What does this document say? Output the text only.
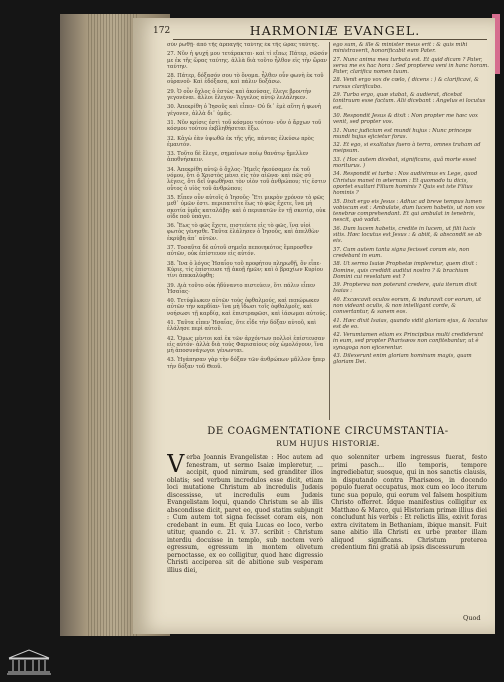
172	HARMONIÆ EVANGEL.

σὺν ῥωϑῇ· ἀπὸ τῆς ἁρπαγῆς ταύτης ἐκ τῆς ὥρας ταύτης.

27. Νῦν ἡ ψυχή μου τετάρακται· καὶ τί εἴπω; Πάτερ, σῶσόν με ἐκ τῆς ὥρας ταύτης. ἀλλὰ διὰ τοῦτο ἦλθον εἰς τὴν ὥραν ταύτην.

28. Πάτερ, δόξασόν σου τὸ ὄνομα. ἦλθεν οὖν φωνὴ ἐκ τοῦ οὐρανοῦ· Καὶ ἐδόξασα, καὶ πάλιν δοξάσω.

29. Ὁ οὖν ὄχλος ὁ ἑστὼς καὶ ἀκούσας, ἔλεγε βροντὴν γεγονέναι. ἄλλοι ἔλεγον· Ἄγγελος αὐτῷ λελάληκεν.

30. Ἀπεκρίθη ὁ Ἰησοῦς καὶ εἶπεν· Οὐ δι᾽ ἐμὲ αὕτη ἡ φωνὴ γέγονεν, ἀλλὰ δι᾽ ὑμᾶς.

31. Νῦν κρίσις ἐστὶ τοῦ κόσμου τούτου· νῦν ὁ ἄρχων τοῦ κόσμου τούτου ἐκβληθήσεται ἔξω.

32. Κἀγὼ ἐὰν ὑψωθῶ ἐκ τῆς γῆς, πάντας ἑλκύσω πρὸς ἐμαυτόν.

33. Τοῦτο δὲ ἔλεγε, σημαίνων ποίῳ θανάτῳ ἤμελλεν ἀποθνήσκειν.

34. Ἀπεκρίθη αὐτῷ ὁ ὄχλος· Ἡμεῖς ἠκούσαμεν ἐκ τοῦ νόμου, ὅτι ὁ Χριστὸς μένει εἰς τὸν αἰῶνα· καὶ πῶς σὺ λέγεις, ὅτι δεῖ ὑψωθῆναι τὸν υἱὸν τοῦ ἀνθρώπου; τίς ἐστιν οὗτος ὁ υἱὸς τοῦ ἀνθρώπου;

35. Εἶπεν οὖν αὐτοῖς ὁ Ἰησοῦς· Ἔτι μικρὸν χρόνον τὸ φῶς μεθ᾽ ὑμῶν ἐστι. περιπατεῖτε ἕως τὸ φῶς ἔχετε, ἵνα μὴ σκοτία ὑμᾶς καταλάβῃ· καὶ ὁ περιπατῶν ἐν τῇ σκοτίᾳ, οὐκ οἶδε ποῦ ὑπάγει.

36. Ἕως τὸ φῶς ἔχετε, πιστεύετε εἰς τὸ φῶς, ἵνα υἱοὶ φωτὸς γένησθε. Ταῦτα ἐλάλησεν ὁ Ἰησοῦς, καὶ ἀπελθὼν ἐκρύβη ἀπ᾽ αὐτῶν.

37. Τοσαῦτα δὲ αὐτοῦ σημεῖα πεποιηκότος ἔμπροσθεν αὐτῶν, οὐκ ἐπίστευον εἰς αὐτόν.

38. Ἵνα ὁ λόγος Ἡσαΐου τοῦ προφήτου πληρωθῇ, ὃν εἶπε· Κύριε, τίς ἐπίστευσε τῇ ἀκοῇ ἡμῶν; καὶ ὁ βραχίων Κυρίου τίνι ἀπεκαλύφθη;

39. Διὰ τοῦτο οὐκ ἠδύναντο πιστεύειν, ὅτι πάλιν εἶπεν Ἡσαΐας·

40. Τετύφλωκεν αὐτῶν τοὺς ὀφθαλμούς, καὶ πεπώρωκεν αὐτῶν τὴν καρδίαν· ἵνα μὴ ἴδωσι τοῖς ὀφθαλμοῖς, καὶ νοήσωσι τῇ καρδίᾳ, καὶ ἐπιστραφῶσι, καὶ ἰάσωμαι αὐτούς.

41. Ταῦτα εἶπεν Ἡσαΐας, ὅτε εἶδε τὴν δόξαν αὐτοῦ, καὶ ἐλάλησε περὶ αὐτοῦ.

42. Ὅμως μέντοι καὶ ἐκ τῶν ἀρχόντων πολλοὶ ἐπίστευσαν εἰς αὐτόν· ἀλλὰ διὰ τοὺς Φαρισαίους οὐχ ὡμολόγουν, ἵνα μὴ ἀποσυνάγωγοι γένωνται.

43. Ἠγάπησαν γὰρ τὴν δόξαν τῶν ἀνθρώπων μᾶλλον ἤπερ τὴν δόξαν τοῦ Θεοῦ.

ego sum, & ille & minister meus erit : & quis mihi ministraverit, honorificabit eum Pater.

27. Nunc anima mea turbata est. Et quid dicam ? Pater, serva me ex hac hora : Sed propterea veni in hanc horam. Pater, clarifica nomen tuum.

28. Venit ergo vox de cœlo, ( dicens : ) & clarificavi, & rursus clarificabo.

29. Turba ergo, quæ stabat, & audierat, dicebat tonitruum esse factum. Alii dicebant : Angelus ei locutus est.

30. Respondit Jesus & dixit : Non propter me hæc vox venit, sed propter vos.

31. Nunc judicium est mundi hujus : Nunc princeps mundi hujus ejicietur foras.

32. Et ego, si exaltatus fuero à terra, omnes traham ad meipsum.

33. ( Hoc autem dicebat, significans, quâ morte esset moriturus. )

34. Respondit ei turba : Nos audivimus ex Lege, quod Christus manet in æternum : Et quomodo tu dicis, oportet exaltari Filium hominis ? Quis est iste Filius hominis ?

35. Dixit ergo eis Jesus : Adhuc ad breve tempus lumen vobiscum est : Ambulate, dum lucem habetis, ut non vos tenebræ comprehendant. Et qui ambulat in tenebris, nescit, quò vadat.

36. Dum lucem habetis, credite in lucem, ut filii lucis sitis. Hæc locutus est Jesus : & abiit, & abscondit se ab eis.

37. Cum autem tanta signa fecisset coram eis, non credebant in eum.

38. Ut sermo Isaiæ Prophetæ impleretur, quem dixit : Domine, quis credidit auditui nostro ? & brachium Domini cui revelatum est ?

39. Propterea non poterant credere, quia iterum dixit Isaias :

40. Excæcavit oculos eorum, & induravit cor eorum, ut non videant oculis, & non intelligant corde, & convertantur, & sanem eos.

41. Hæc dixit Isaias, quando vidit gloriam ejus, & locutus est de eo.

42. Verumtamen etiam ex Principibus multi crediderunt in eum, sed propter Pharisæos non confitebantur, ut è synagoga non ejicerentur.

43. Dilexerunt enim gloriam hominum magis, quam gloriam Dei.

DE COAGMENTATIONE CIRCUMSTANTIA-
RUM HUJUS HISTORIÆ.

Verba Joannis Evangelistæ : Hoc autem ad fenestram, ut sermo Isaiæ impleretur, ... accipit, quod nimirum, sed granditer illos oblatis; sed verbum incredulos esse dicit, etiam loci mutatione Christum ab incredulis Judæis discessisse, ut incredulis eum Judæis Evangelistam loqui, quando Christum se ab illis abscondisse dicit, paret eo, quod statim subjungit : Cum autem tot signa fecisset coram eis, non credebant in eum. Et quia Lucas eo loco, verbo utitur, quando c. 21. v. 37. scribit : Christum interdiu docuisse in templo, sub noctem verò egressum, egressum in montem olivetum pernoctasse, ex eo colligitur, quod hæc digressio Christi acciperea sit de abitione sub vesperam illius diei,

quo solenniter urbem ingressus fuerat, festo primi pasch... illo temporis, tempore ingrediebatur, suosque, qui in nos sanctis clausis, in disputando contra Pharisæos, in docendo populo fuerat occupatus, mox cum eo loco iterum tunc sua populo, qui eorum vel falsem hospitium Christo offerret. Idque manifestius colligitur ex Matthæo & Marco, qui Historiam primæ illius diei concludunt his verbis : Et relictis illis, exivit foras extra civitatem in Bethaniam, ibique mansit. Fuit sane abitio illa Christi ex urbe præter illam aliquod significans. Christum preterea credentium fini gratiâ ab ipsis discessurum

Quod
